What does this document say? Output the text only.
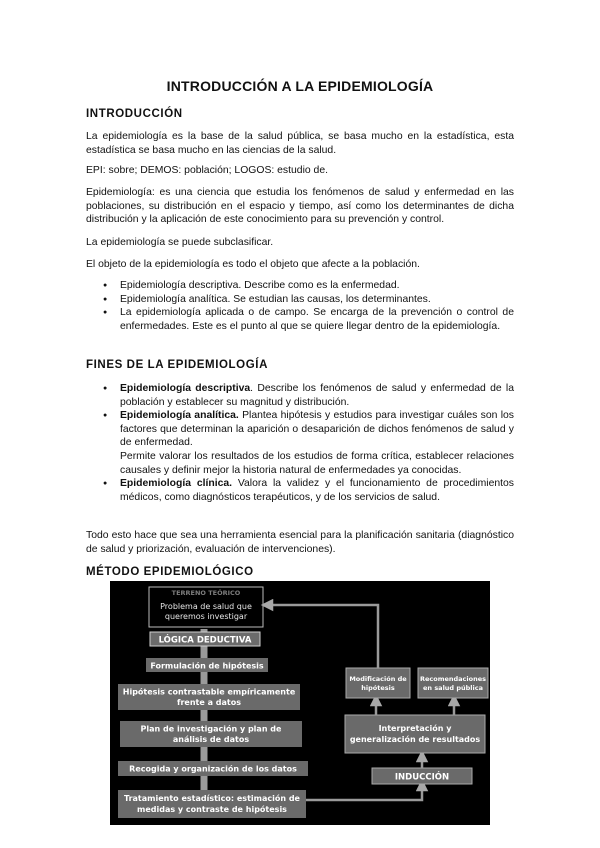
INTRODUCCIÓN A LA EPIDEMIOLOGÍA
INTRODUCCIÓN

La epidemiología es la base de la salud pública, se basa mucho en la estadística, esta estadística se basa mucho en las ciencias de la salud.

EPI: sobre; DEMOS: población; LOGOS: estudio de.

Epidemiología: es una ciencia que estudia los fenómenos de salud y enfermedad en las poblaciones, su distribución en el espacio y tiempo, así como los determinantes de dicha distribución y la aplicación de este conocimiento para su prevención y control.

La epidemiología se puede subclasificar.

El objeto de la epidemiología es todo el objeto que afecte a la población.

● Epidemiología descriptiva. Describe como es la enfermedad.
● Epidemiología analítica. Se estudian las causas, los determinantes.
● La epidemiología aplicada o de campo. Se encarga de la prevención o control de enfermedades. Este es el punto al que se quiere llegar dentro de la epidemiología.
FINES DE LA EPIDEMIOLOGÍA
● Epidemiología descriptiva. Describe los fenómenos de salud y enfermedad de la población y establecer su magnitud y distribución.

● Epidemiología analítica. Plantea hipótesis y estudios para investigar cuáles son los factores que determinan la aparición o desaparición de dichos fenómenos de salud y de enfermedad.

Permite valorar los resultados de los estudios de forma crítica, establecer relaciones causales y definir mejor la historia natural de enfermedades ya conocidas.

● Epidemiología clínica. Valora la validez y el funcionamiento de procedimientos médicos, como diagnósticos terapéuticos, y de los servicios de salud.

Todo esto hace que sea una herramienta esencial para la planificación sanitaria (diagnóstico de salud y priorización, evaluación de intervenciones).

MÉTODO EPIDEMIOLÓGICO
TERRENO TEÓRICO
Problema de salud que
queremos investigar
LÓGICA DEDUCTIVA
Formulación de hipótesis
Hipótesis contrastable empíricamente
frente a datos
Plan de investigación y plan de
análisis de datos
Recogida y organización de los datos
Tratamiento estadístico: estimación de
medidas y contraste de hipótesis
INDUCCIÓN
Interpretación y
generalización de resultados
Modificación de
hipótesis
Recomendaciones
en salud pública
